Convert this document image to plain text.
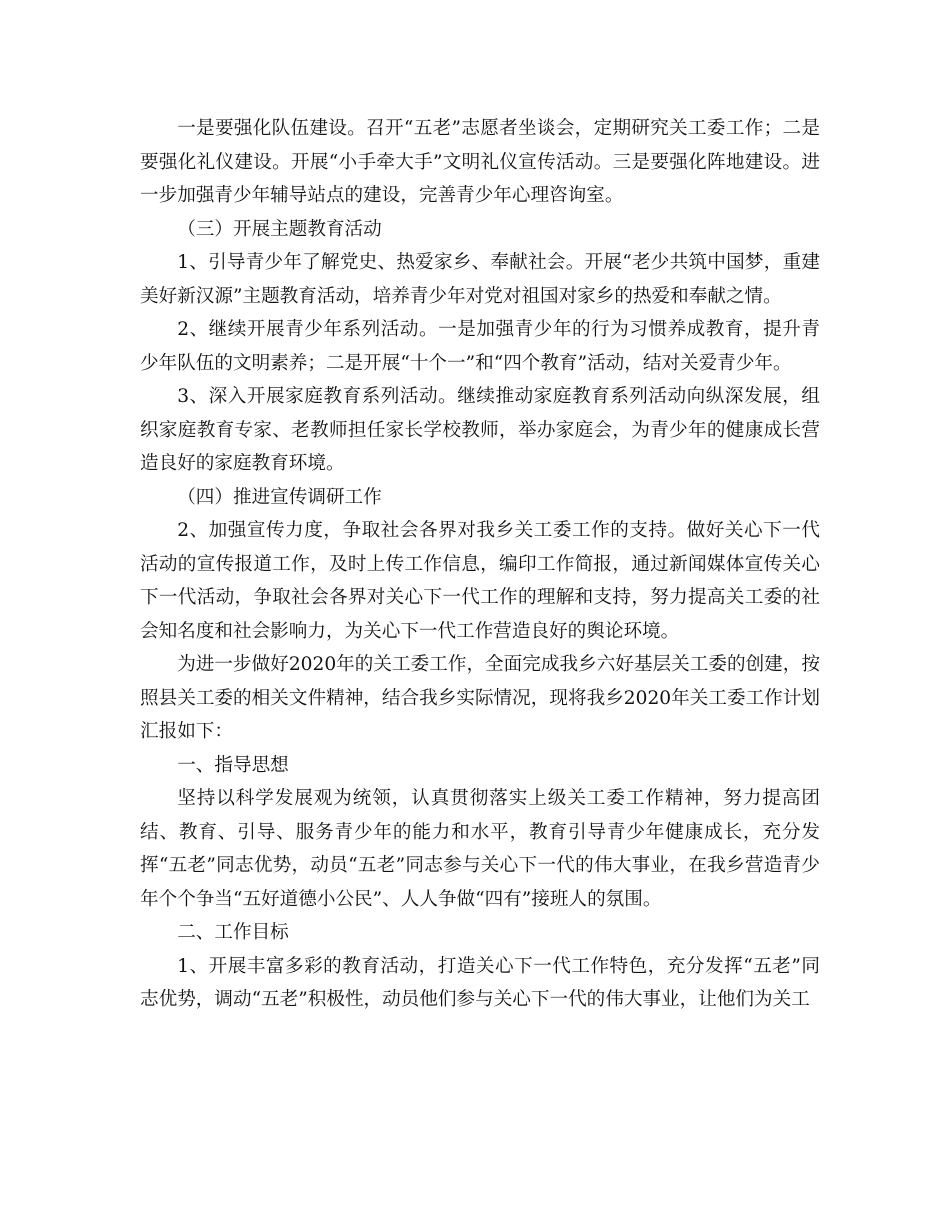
一是要强化队伍建设。召开“五老”志愿者坐谈会，定期研究关工委工作；二是要强化礼仪建设。开展“小手牵大手”文明礼仪宣传活动。三是要强化阵地建设。进一步加强青少年辅导站点的建设，完善青少年心理咨询室。

（三）开展主题教育活动

1、引导青少年了解党史、热爱家乡、奉献社会。开展“老少共筑中国梦，重建美好新汉源”主题教育活动，培养青少年对党对祖国对家乡的热爱和奉献之情。

2、继续开展青少年系列活动。一是加强青少年的行为习惯养成教育，提升青少年队伍的文明素养；二是开展“十个一”和“四个教育”活动，结对关爱青少年。

3、深入开展家庭教育系列活动。继续推动家庭教育系列活动向纵深发展，组织家庭教育专家、老教师担任家长学校教师，举办家庭会，为青少年的健康成长营造良好的家庭教育环境。

（四）推进宣传调研工作

2、加强宣传力度，争取社会各界对我乡关工委工作的支持。做好关心下一代活动的宣传报道工作，及时上传工作信息，编印工作简报，通过新闻媒体宣传关心下一代活动，争取社会各界对关心下一代工作的理解和支持，努力提高关工委的社会知名度和社会影响力，为关心下一代工作营造良好的舆论环境。

为进一步做好2020年的关工委工作，全面完成我乡六好基层关工委的创建，按照县关工委的相关文件精神，结合我乡实际情况，现将我乡2020年关工委工作计划汇报如下：

一、指导思想

坚持以科学发展观为统领，认真贯彻落实上级关工委工作精神，努力提高团结、教育、引导、服务青少年的能力和水平，教育引导青少年健康成长，充分发挥“五老”同志优势，动员“五老”同志参与关心下一代的伟大事业，在我乡营造青少年个个争当“五好道德小公民”、人人争做“四有”接班人的氛围。

二、工作目标

1、开展丰富多彩的教育活动，打造关心下一代工作特色，充分发挥“五老”同志优势，调动“五老”积极性，动员他们参与关心下一代的伟大事业，让他们为关工
